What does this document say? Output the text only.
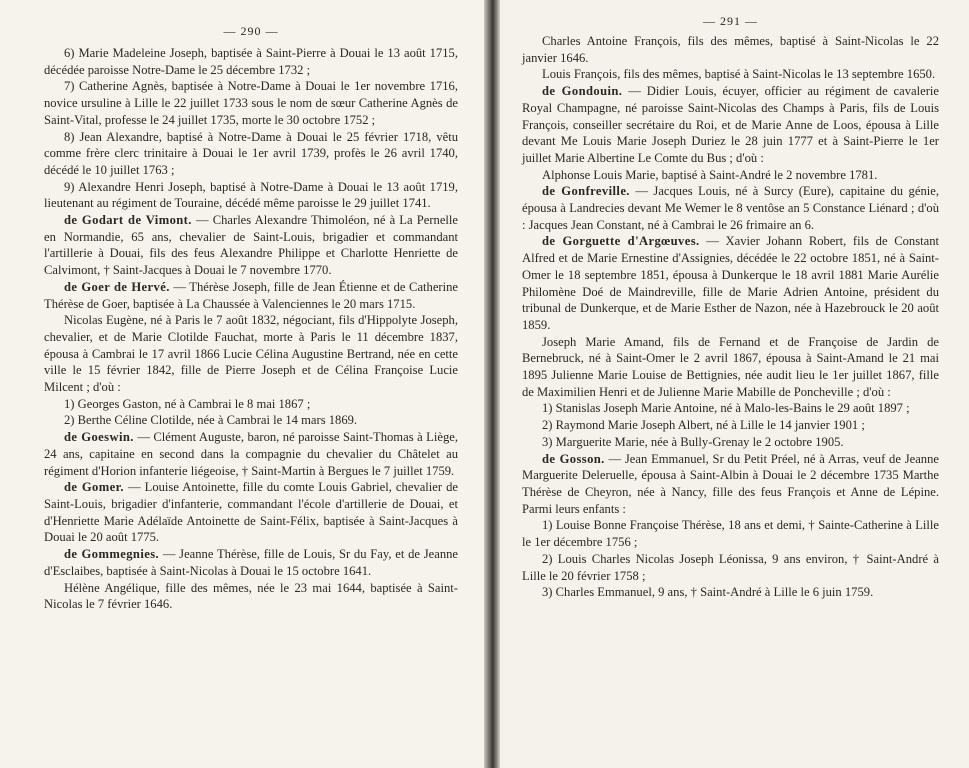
— 290 —

6) Marie Madeleine Joseph, baptisée à Saint-Pierre à Douai le 13 août 1715, décédée paroisse Notre-Dame le 25 décembre 1732 ;

7) Catherine Agnès, baptisée à Notre-Dame à Douai le 1er novembre 1716, novice ursuline à Lille le 22 juillet 1733 sous le nom de sœur Catherine Agnès de Saint-Vital, professe le 24 juillet 1735, morte le 30 octobre 1752 ;

8) Jean Alexandre, baptisé à Notre-Dame à Douai le 25 février 1718, vêtu comme frère clerc trinitaire à Douai le 1er avril 1739, profès le 26 avril 1740, décédé le 10 juillet 1763 ;

9) Alexandre Henri Joseph, baptisé à Notre-Dame à Douai le 13 août 1719, lieutenant au régiment de Touraine, décédé même paroisse le 29 juillet 1741.

de Godart de Vimont. — Charles Alexandre Thimoléon, né à La Pernelle en Normandie, 65 ans, chevalier de Saint-Louis, brigadier et commandant l'artillerie à Douai, fils des feus Alexandre Philippe et Charlotte Henriette de Calvimont, † Saint-Jacques à Douai le 7 novembre 1770.

de Goer de Hervé. — Thérèse Joseph, fille de Jean Étienne et de Catherine Thérèse de Goer, baptisée à La Chaussée à Valenciennes le 20 mars 1715.

Nicolas Eugène, né à Paris le 7 août 1832, négociant, fils d'Hippolyte Joseph, chevalier, et de Marie Clotilde Fauchat, morte à Paris le 11 décembre 1837, épousa à Cambrai le 17 avril 1866 Lucie Célina Augustine Bertrand, née en cette ville le 15 février 1842, fille de Pierre Joseph et de Célina Françoise Lucie Milcent ; d'où :

1) Georges Gaston, né à Cambrai le 8 mai 1867 ;

2) Berthe Céline Clotilde, née à Cambrai le 14 mars 1869.

de Goeswin. — Clément Auguste, baron, né paroisse Saint-Thomas à Liège, 24 ans, capitaine en second dans la compagnie du chevalier du Châtelet au régiment d'Horion infanterie liégeoise, † Saint-Martin à Bergues le 7 juillet 1759.

de Gomer. — Louise Antoinette, fille du comte Louis Gabriel, chevalier de Saint-Louis, brigadier d'infanterie, commandant l'école d'artillerie de Douai, et d'Henriette Marie Adélaïde Antoinette de Saint-Félix, baptisée à Saint-Jacques à Douai le 20 août 1775.

de Gommegnies. — Jeanne Thérèse, fille de Louis, Sr du Fay, et de Jeanne d'Esclaibes, baptisée à Saint-Nicolas à Douai le 15 octobre 1641.

Hélène Angélique, fille des mêmes, née le 23 mai 1644, baptisée à Saint-Nicolas le 7 février 1646.

— 291 —

Charles Antoine François, fils des mêmes, baptisé à Saint-Nicolas le 22 janvier 1646.

Louis François, fils des mêmes, baptisé à Saint-Nicolas le 13 septembre 1650.

de Gondouin. — Didier Louis, écuyer, officier au régiment de cavalerie Royal Champagne, né paroisse Saint-Nicolas des Champs à Paris, fils de Louis François, conseiller secrétaire du Roi, et de Marie Anne de Loos, épousa à Lille devant Me Louis Marie Joseph Duriez le 28 juin 1777 et à Saint-Pierre le 1er juillet Marie Albertine Le Comte du Bus ; d'où :

Alphonse Louis Marie, baptisé à Saint-André le 2 novembre 1781.

de Gonfreville. — Jacques Louis, né à Surcy (Eure), capitaine du génie, épousa à Landrecies devant Me Wemer le 8 ventôse an 5 Constance Liénard ; d'où : Jacques Jean Constant, né à Cambrai le 26 frimaire an 6.

de Gorguette d'Argœuves. — Xavier Johann Robert, fils de Constant Alfred et de Marie Ernestine d'Assignies, décédée le 22 octobre 1851, né à Saint-Omer le 18 septembre 1851, épousa à Dunkerque le 18 avril 1881 Marie Aurélie Philomène Doé de Maindreville, fille de Marie Adrien Antoine, président du tribunal de Dunkerque, et de Marie Esther de Nazon, née à Hazebrouck le 20 août 1859.

Joseph Marie Amand, fils de Fernand et de Françoise de Jardin de Bernebruck, né à Saint-Omer le 2 avril 1867, épousa à Saint-Amand le 21 mai 1895 Julienne Marie Louise de Bettignies, née audit lieu le 1er juillet 1867, fille de Maximilien Henri et de Julienne Marie Mabille de Poncheville ; d'où :

1) Stanislas Joseph Marie Antoine, né à Malo-les-Bains le 29 août 1897 ;

2) Raymond Marie Joseph Albert, né à Lille le 14 janvier 1901 ;

3) Marguerite Marie, née à Bully-Grenay le 2 octobre 1905.

de Gosson. — Jean Emmanuel, Sr du Petit Préel, né à Arras, veuf de Jeanne Marguerite Deleruelle, épousa à Saint-Albin à Douai le 2 décembre 1735 Marthe Thérèse de Cheyron, née à Nancy, fille des feus François et Anne de Lépine. Parmi leurs enfants :

1) Louise Bonne Françoise Thérèse, 18 ans et demi, † Sainte-Catherine à Lille le 1er décembre 1756 ;

2) Louis Charles Nicolas Joseph Léonissa, 9 ans environ, † Saint-André à Lille le 20 février 1758 ;

3) Charles Emmanuel, 9 ans, † Saint-André à Lille le 6 juin 1759.
